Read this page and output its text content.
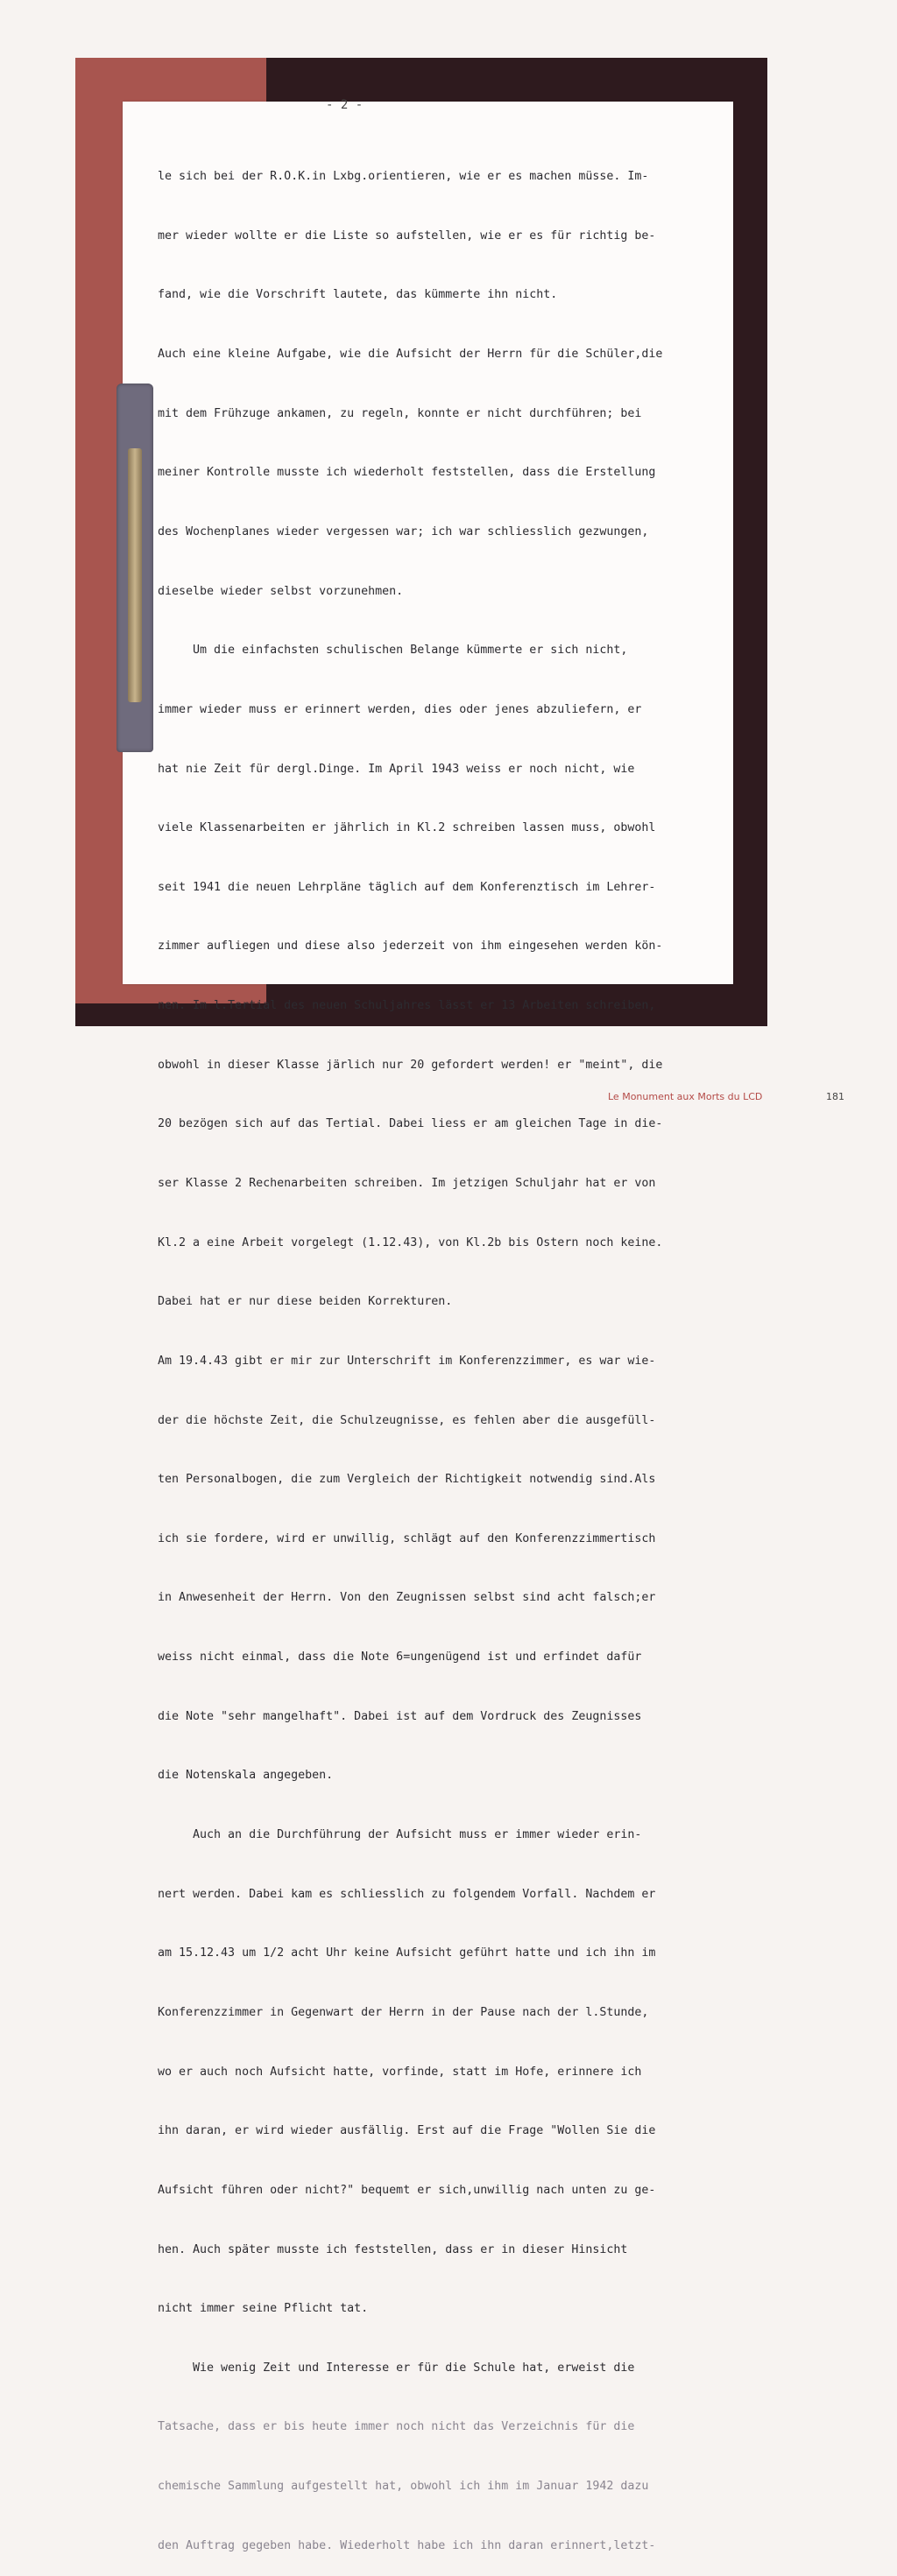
- 2 -

le sich bei der R.O.K.in Lxbg.orientieren, wie er es machen müsse. Im-

mer wieder wollte er die Liste so aufstellen, wie er es für richtig be-

fand, wie die Vorschrift lautete, das kümmerte ihn nicht.

Auch eine kleine Aufgabe, wie die Aufsicht der Herrn für die Schüler,die

mit dem Frühzuge ankamen, zu regeln, konnte er nicht durchführen; bei

meiner Kontrolle musste ich wiederholt feststellen, dass die Erstellung

des Wochenplanes wieder vergessen war; ich war schliesslich gezwungen,

dieselbe wieder selbst vorzunehmen.

Um die einfachsten schulischen Belange kümmerte er sich nicht,

immer wieder muss er erinnert werden, dies oder jenes abzuliefern, er

hat nie Zeit für dergl.Dinge. Im April 1943 weiss er noch nicht, wie

viele Klassenarbeiten er jährlich in Kl.2 schreiben lassen muss, obwohl

seit 1941 die neuen Lehrpläne täglich auf dem Konferenztisch im Lehrer-

zimmer aufliegen und diese also jederzeit von ihm eingesehen werden kön-

nen. Im l.Tertial des neuen Schuljahres lässt er 13 Arbeiten schreiben,

obwohl in dieser Klasse järlich nur 20 gefordert werden! er "meint", die

20 bezögen sich auf das Tertial. Dabei liess er am gleichen Tage in die-

ser Klasse 2 Rechenarbeiten schreiben. Im jetzigen Schuljahr hat er von

Kl.2 a eine Arbeit vorgelegt (1.12.43), von Kl.2b bis Ostern noch keine.

Dabei hat er nur diese beiden Korrekturen.

Am 19.4.43 gibt er mir zur Unterschrift im Konferenzzimmer, es war wie-

der die höchste Zeit, die Schulzeugnisse, es fehlen aber die ausgefüll-

ten Personalbogen, die zum Vergleich der Richtigkeit notwendig sind.Als

ich sie fordere, wird er unwillig, schlägt auf den Konferenzzimmertisch

in Anwesenheit der Herrn. Von den Zeugnissen selbst sind acht falsch;er

weiss nicht einmal, dass die Note 6=ungenügend ist und erfindet dafür

die Note "sehr mangelhaft". Dabei ist auf dem Vordruck des Zeugnisses

die Notenskala angegeben.

Auch an die Durchführung der Aufsicht muss er immer wieder erin-

nert werden. Dabei kam es schliesslich zu folgendem Vorfall. Nachdem er

am 15.12.43 um 1/2 acht Uhr keine Aufsicht geführt hatte und ich ihn im

Konferenzzimmer in Gegenwart der Herrn in der Pause nach der l.Stunde,

wo er auch noch Aufsicht hatte, vorfinde, statt im Hofe, erinnere ich

ihn daran, er wird wieder ausfällig. Erst auf die Frage "Wollen Sie die

Aufsicht führen oder nicht?" bequemt er sich,unwillig nach unten zu ge-

hen. Auch später musste ich feststellen, dass er in dieser Hinsicht

nicht immer seine Pflicht tat.

Wie wenig Zeit und Interesse er für die Schule hat, erweist die

Tatsache, dass er bis heute immer noch nicht das Verzeichnis für die

chemische Sammlung aufgestellt hat, obwohl ich ihm im Januar 1942 dazu

den Auftrag gegeben habe. Wiederholt habe ich ihn daran erinnert,letzt-

Le Monument aux Morts du LCD	181
